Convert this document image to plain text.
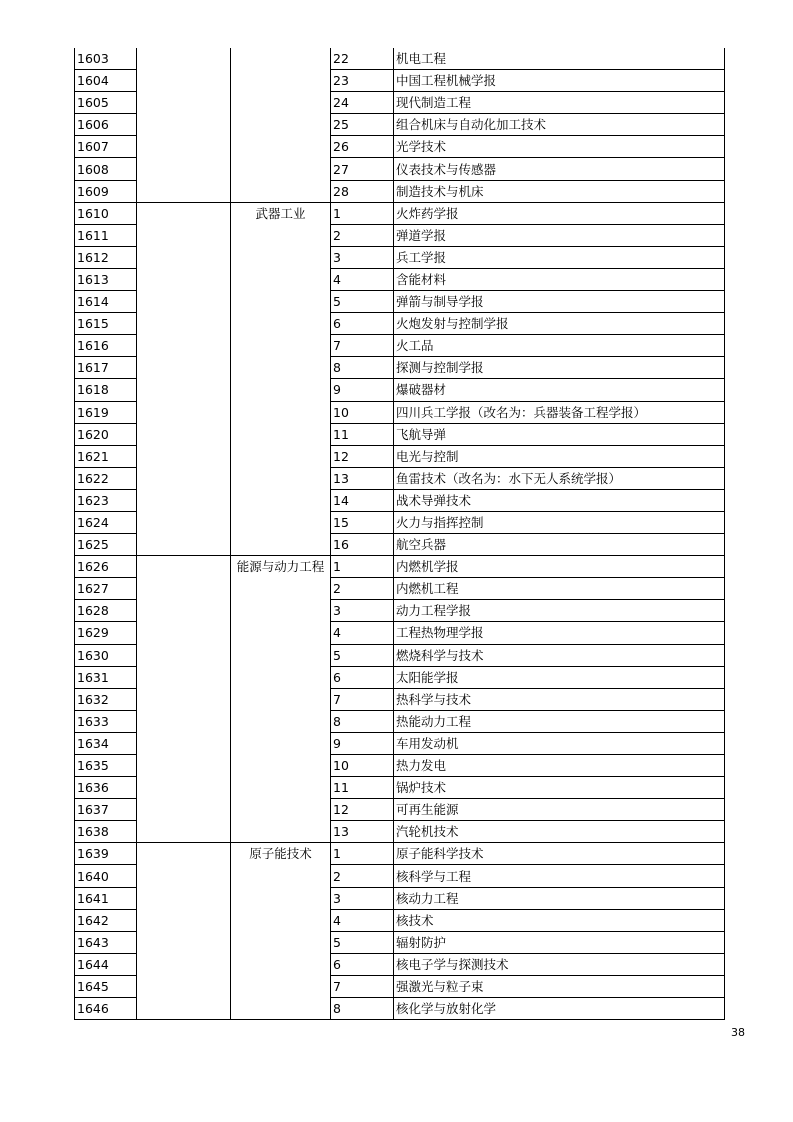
1603			22	机电工程
1604			23	中国工程机械学报
1605			24	现代制造工程
1606			25	组合机床与自动化加工技术
1607			26	光学技术
1608			27	仪表技术与传感器
1609			28	制造技术与机床
1610		武器工业	1	火炸药学报
1611			2	弹道学报
1612			3	兵工学报
1613			4	含能材料
1614			5	弹箭与制导学报
1615			6	火炮发射与控制学报
1616			7	火工品
1617			8	探测与控制学报
1618			9	爆破器材
1619			10	四川兵工学报（改名为：兵器装备工程学报）
1620			11	飞航导弹
1621			12	电光与控制
1622			13	鱼雷技术（改名为：水下无人系统学报）
1623			14	战术导弹技术
1624			15	火力与指挥控制
1625			16	航空兵器
1626		能源与动力工程	1	内燃机学报
1627			2	内燃机工程
1628			3	动力工程学报
1629			4	工程热物理学报
1630			5	燃烧科学与技术
1631			6	太阳能学报
1632			7	热科学与技术
1633			8	热能动力工程
1634			9	车用发动机
1635			10	热力发电
1636			11	锅炉技术
1637			12	可再生能源
1638			13	汽轮机技术
1639		原子能技术	1	原子能科学技术
1640			2	核科学与工程
1641			3	核动力工程
1642			4	核技术
1643			5	辐射防护
1644			6	核电子学与探测技术
1645			7	强激光与粒子束
1646			8	核化学与放射化学
38
